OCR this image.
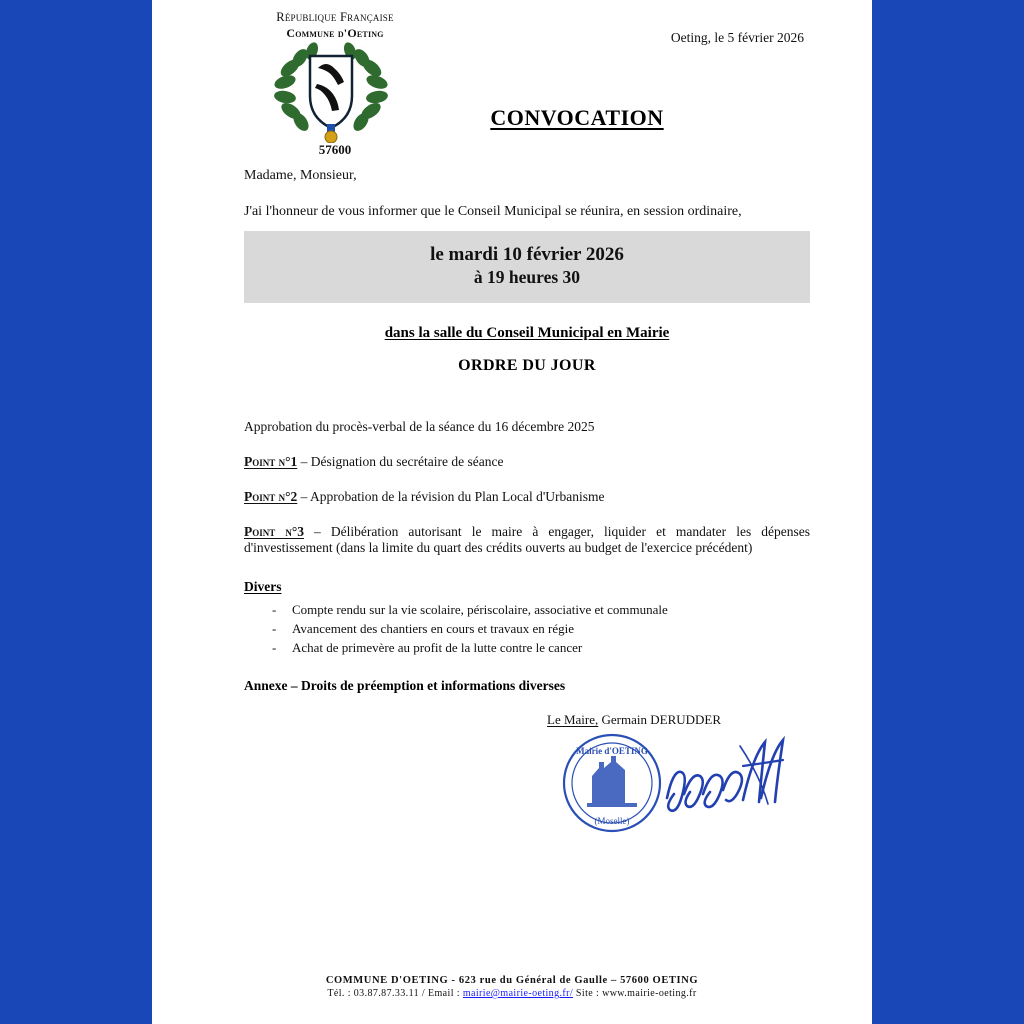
République Française
Commune d'Oeting
57600
Oeting, le 5 février 2026
CONVOCATION
Madame, Monsieur,
J'ai l'honneur de vous informer que le Conseil Municipal se réunira, en session ordinaire,
le mardi 10 février 2026
à 19 heures 30
dans la salle du Conseil Municipal en Mairie
ORDRE DU JOUR
Approbation du procès-verbal de la séance du 16 décembre 2025
Point n°1 – Désignation du secrétaire de séance
Point n°2 – Approbation de la révision du Plan Local d'Urbanisme
Point n°3 – Délibération autorisant le maire à engager, liquider et mandater les dépenses d'investissement (dans la limite du quart des crédits ouverts au budget de l'exercice précédent)
Divers
- Compte rendu sur la vie scolaire, périscolaire, associative et communale
- Avancement des chantiers en cours et travaux en régie
- Achat de primevère au profit de la lutte contre le cancer
Annexe – Droits de préemption et informations diverses
Le Maire, Germain DERUDDER
Mairie d'OETING
(Moselle)
COMMUNE D'OETING - 623 rue du Général de Gaulle – 57600 OETING
Tél. : 03.87.87.33.11 / Email : mairie@mairie-oeting.fr/ Site : www.mairie-oeting.fr
